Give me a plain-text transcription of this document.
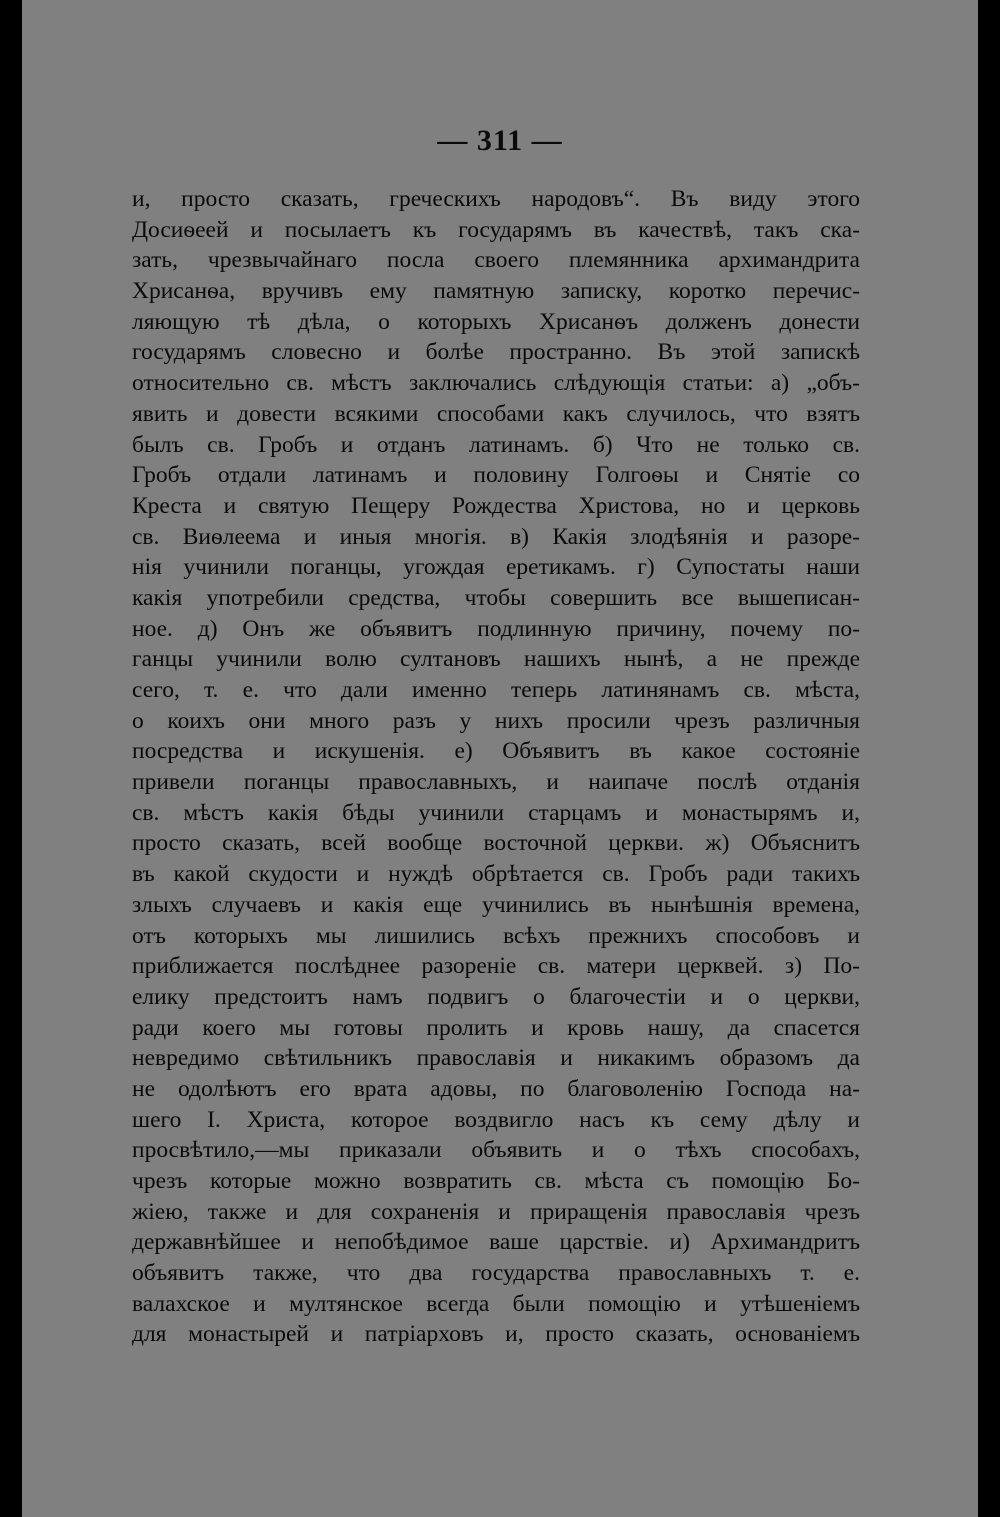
— 311 —
и, просто сказать, греческихъ народовъ“. Въ виду этого
Досиѳеей и посылаетъ къ государямъ въ качествѣ, такъ ска-
зать, чрезвычайнаго посла своего племянника архимандрита
Хрисанѳа, вручивъ ему памятную записку, коротко перечис-
ляющую тѣ дѣла, о которыхъ Хрисанѳъ долженъ донести
государямъ словесно и болѣе пространно. Въ этой запискѣ
относительно св. мѣстъ заключались слѣдующія статьи: а) „объ-
явить и довести всякими способами какъ случилось, что взятъ
былъ св. Гробъ и отданъ латинамъ. б) Что не только св.
Гробъ отдали латинамъ и половину Голгоѳы и Снятіе со
Креста и святую Пещеру Рождества Христова, но и церковь
св. Виѳлеема и иныя многія. в) Какія злодѣянія и разоре-
нія учинили поганцы, угождая еретикамъ. г) Супостаты наши
какія употребили средства, чтобы совершить все вышеписан-
ное. д) Онъ же объявитъ подлинную причину, почему по-
ганцы учинили волю султановъ нашихъ нынѣ, а не прежде
сего, т. е. что дали именно теперь латинянамъ св. мѣста,
о коихъ они много разъ у нихъ просили чрезъ различныя
посредства и искушенія. е) Объявитъ въ какое состояніе
привели поганцы православныхъ, и наипаче послѣ отданія
св. мѣстъ какія бѣды учинили старцамъ и монастырямъ и,
просто сказать, всей вообще восточной церкви. ж) Объяснитъ
въ какой скудости и нуждѣ обрѣтается св. Гробъ ради такихъ
злыхъ случаевъ и какія еще учинились въ нынѣшнія времена,
отъ которыхъ мы лишились всѣхъ прежнихъ способовъ и
приближается послѣднее разореніе св. матери церквей. з) По-
елику предстоитъ намъ подвигъ о благочестіи и о церкви,
ради коего мы готовы пролить и кровь нашу, да спасется
невредимо свѣтильникъ православія и никакимъ образомъ да
не одолѣютъ его врата адовы, по благоволенію Господа на-
шего І. Христа, которое воздвигло насъ къ сему дѣлу и
просвѣтило,—мы приказали объявить и о тѣхъ способахъ,
чрезъ которые можно возвратить св. мѣста съ помощію Бо-
жіею, также и для сохраненія и приращенія православія чрезъ
державнѣйшее и непобѣдимое ваше царствіе. и) Архимандритъ
объявитъ также, что два государства православныхъ т. е.
валахское и мултянское всегда были помощію и утѣшеніемъ
для монастырей и патріарховъ и, просто сказать, основаніемъ
